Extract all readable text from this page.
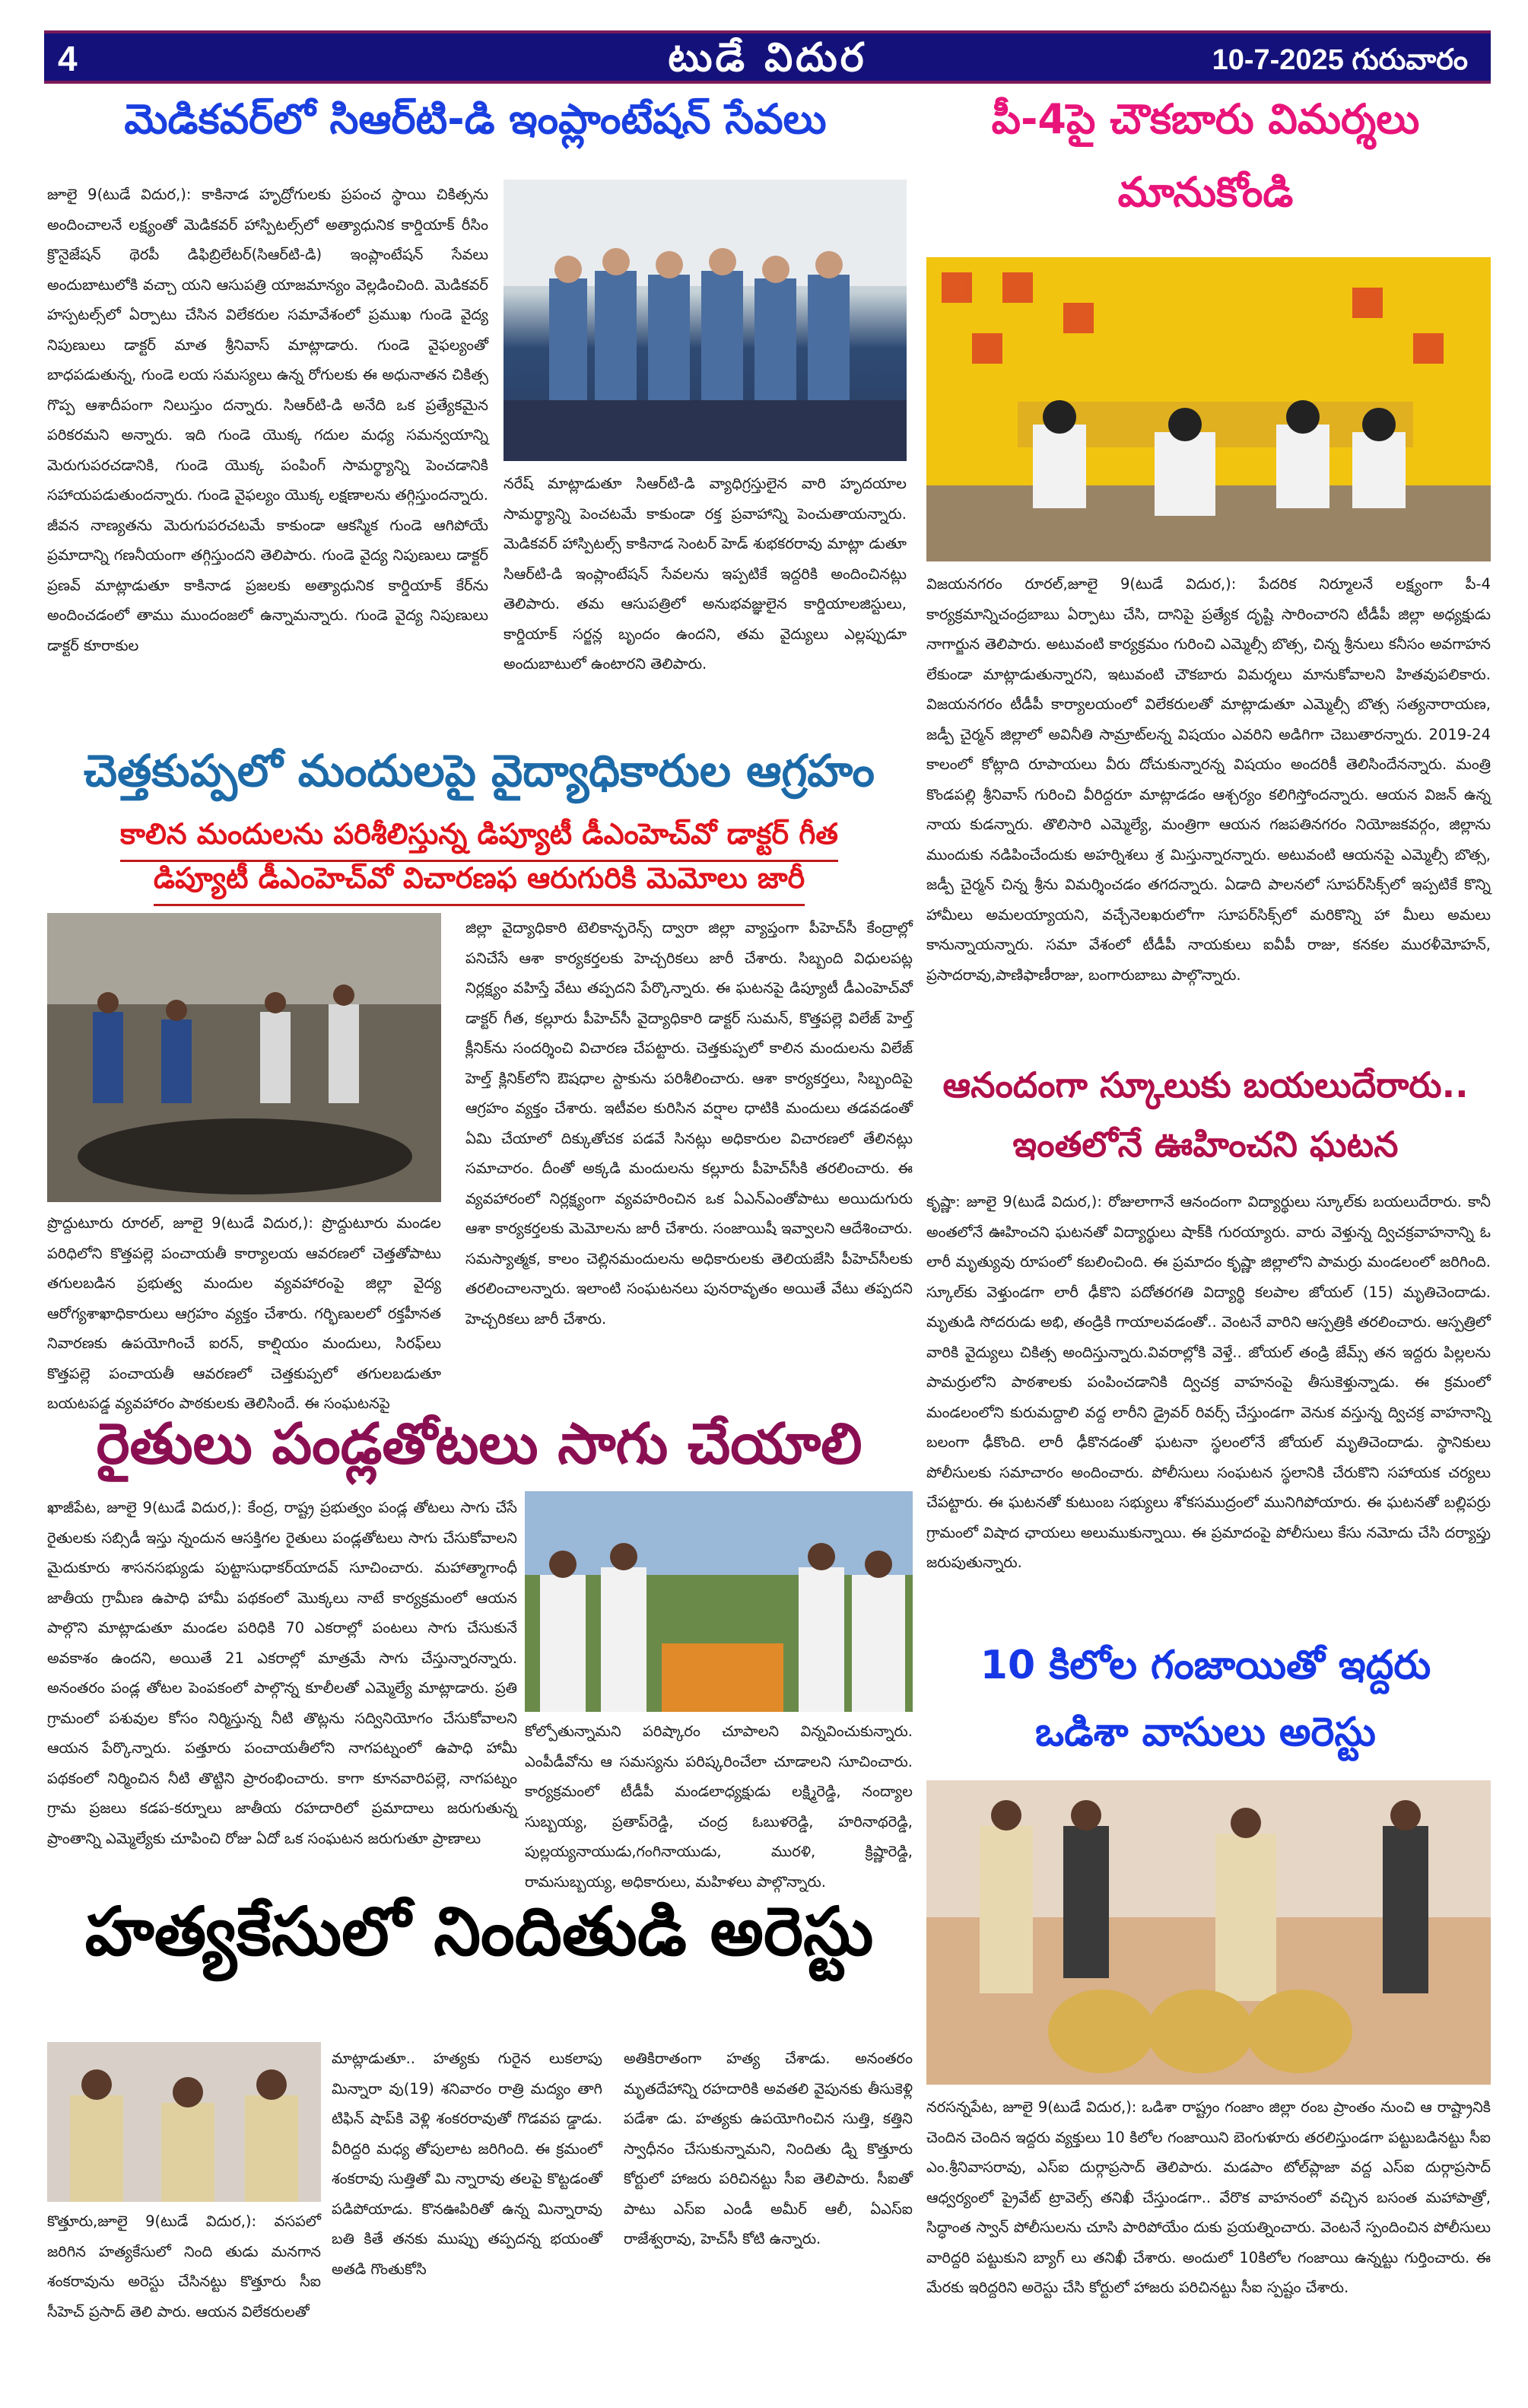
4	టుడే విదుర	10-7-2025 గురువారం
మెడికవర్‌లో సిఆర్‌టి-డి ఇంప్లాంటేషన్ సేవలు
జూలై 9(టుడే విదుర,): కాకినాడ హృద్రోగులకు ప్రపంచ స్థాయి చికిత్సను అందించాలనే లక్ష్యంతో మెడికవర్ హాస్పిటల్స్‌లో అత్యాధునిక కార్డియాక్ రీసిం క్రొనైజేషన్ థెరపీ డిఫిబ్రిలేటర్(సిఆర్‌టి-డి) ఇంప్లాంటేషన్ సేవలు అందుబాటులోకి వచ్చా యని ఆసుపత్రి యాజమాన్యం వెల్లడించింది. మెడికవర్ హస్పటల్స్‌లో ఏర్పాటు చేసిన విలేకరుల సమావేశంలో ప్రముఖ గుండె వైద్య నిపుణులు డాక్టర్ మాత శ్రీనివాస్ మాట్లాడారు. గుండె వైఫల్యంతో బాధపడుతున్న, గుండె లయ సమస్యలు ఉన్న రోగులకు ఈ అధునాతన చికిత్స గొప్ప ఆశాదీపంగా నిలుస్తుం దన్నారు. సిఆర్‌టి-డి అనేది ఒక ప్రత్యేకమైన పరికరమని అన్నారు. ఇది గుండె యొక్క గదుల మధ్య సమన్వయాన్ని మెరుగుపరచడానికి, గుండె యొక్క పంపింగ్ సామర్థ్యాన్ని పెంచడానికి సహాయపడుతుందన్నారు. గుండె వైఫల్యం యొక్క లక్షణాలను తగ్గిస్తుందన్నారు. జీవన నాణ్యతను మెరుగుపరచటమే కాకుండా ఆకస్మిక గుండె ఆగిపోయే ప్రమాదాన్ని గణనీయంగా తగ్గిస్తుందని తెలిపారు. గుండె వైద్య నిపుణులు డాక్టర్ ప్రణవ్ మాట్లాడుతూ కాకినాడ ప్రజలకు అత్యాధునిక కార్డియాక్ కేర్‌ను అందించడంలో తాము ముందంజలో ఉన్నామన్నారు. గుండె వైద్య నిపుణులు డాక్టర్ కూరాకుల
నరేష్ మాట్లాడుతూ సిఆర్‌టి-డి వ్యాధిగ్రస్తులైన వారి హృదయాల సామర్థ్యాన్ని పెంచటమే కాకుండా రక్త ప్రవాహాన్ని పెంచుతాయన్నారు. మెడికవర్ హాస్పిటల్స్ కాకినాడ సెంటర్ హెడ్ శుభకరరావు మాట్లా డుతూ సిఆర్‌టి-డి ఇంప్లాంటేషన్ సేవలను ఇప్పటికే ఇద్దరికి అందించినట్లు తెలిపారు. తమ ఆసుపత్రిలో అనుభవజ్ఞులైన కార్డియాలజిస్టులు, కార్డియాక్ సర్జన్ల బృందం ఉందని, తమ వైద్యులు ఎల్లప్పుడూ అందుబాటులో ఉంటారని తెలిపారు.
పీ-4పై చౌకబారు విమర్శలు
మానుకోండి
విజయనగరం రూరల్,జూలై 9(టుడే విదుర,): పేదరిక నిర్మూలనే లక్ష్యంగా పీ-4 కార్యక్రమాన్నిచంద్రబాబు ఏర్పాటు చేసి, దానిపై ప్రత్యేక దృష్టి సారించారని టీడీపీ జిల్లా అధ్యక్షుడు నాగార్జున తెలిపారు. అటువంటి కార్యక్రమం గురించి ఎమ్మెల్సీ బొత్స, చిన్న శ్రీనులు కనీసం అవగాహన లేకుండా మాట్లాడుతున్నారని, ఇటువంటి చౌకబారు విమర్శలు మానుకోవాలని హితవుపలికారు. విజయనగరం టీడీపీ కార్యాలయంలో విలేకరులతో మాట్లాడుతూ ఎమ్మెల్సీ బొత్స సత్యనారాయణ, జడ్పీ చైర్మన్ జిల్లాలో అవినీతి సామ్రాట్‌లన్న విషయం ఎవరిని అడిగిగా చెబుతారన్నారు. 2019-24 కాలంలో కోట్లాది రూపాయలు వీరు దోచుకున్నారన్న విషయం అందరికీ తెలిసిందేనన్నారు. మంత్రి కొండపల్లి శ్రీనివాస్ గురించి వీరిద్దరూ మాట్లాడడం ఆశ్చర్యం కలిగిస్తోందన్నారు. ఆయన విజన్ ఉన్న నాయ కుడన్నారు. తొలిసారి ఎమ్మెల్యే, మంత్రిగా ఆయన గజపతినగరం నియోజకవర్గం, జిల్లాను ముందుకు నడిపించేందుకు అహర్నిశలు శ్ర మిస్తున్నారన్నారు. అటువంటి ఆయనపై ఎమ్మెల్సీ బొత్స, జడ్పీ చైర్మన్ చిన్న శ్రీను విమర్శించడం తగదన్నారు. ఏడాది పాలనలో సూపర్‌సిక్స్‌లో ఇప్పటికే కొన్ని హామీలు అమలయ్యాయని, వచ్చేనెలఖరులోగా సూపర్‌సిక్స్‌లో మరికొన్ని హా మీలు అమలు కానున్నాయన్నారు. సమా వేశంలో టీడీపీ నాయకులు ఐవీపీ రాజు, కనకల మురళీమోహన్, ప్రసాదరావు,పాణిఫాణీరాజు, బంగారుబాబు పాల్గొన్నారు.
చెత్తకుప్పలో మందులపై వైద్యాధికారుల ఆగ్రహం
కాలిన మందులను పరిశీలిస్తున్న డిప్యూటీ డీఎంహెచ్‌వో డాక్టర్ గీత
డిప్యూటీ డీఎంహెచ్‌వో విచారణఫ ఆరుగురికి మెమోలు జారీ
ప్రొద్దుటూరు రూరల్, జూలై 9(టుడే విదుర,): ప్రొద్దుటూరు మండల పరిధిలోని కొత్తపల్లె పంచాయతీ కార్యాలయ ఆవరణలో చెత్తతోపాటు తగులబడిన ప్రభుత్వ మందుల వ్యవహారంపై జిల్లా వైద్య ఆరోగ్యశాఖాధికారులు ఆగ్రహం వ్యక్తం చేశారు. గర్భిణులలో రక్తహీనత నివారణకు ఉపయోగించే ఐరన్, కాల్షియం మందులు, సిరఫ్‌లు కొత్తపల్లె పంచాయతీ ఆవరణలో చెత్తకుప్పలో తగులబడుతూ బయటపడ్డ వ్యవహారం పాఠకులకు తెలిసిందే. ఈ సంఘటనపై
జిల్లా వైద్యాధికారి టెలికాన్ఫరెన్స్ ద్వారా జిల్లా వ్యాప్తంగా పీహెచ్‌సీ కేంద్రాల్లో పనిచేసే ఆశా కార్యకర్తలకు హెచ్చరికలు జారీ చేశారు. సిబ్బంది విధులపట్ల నిర్లక్ష్యం వహిస్తే వేటు తప్పదని పేర్కొన్నారు. ఈ ఘటనపై డిప్యూటీ డీఎంహెచ్‌వో డాక్టర్ గీత, కల్లూరు పీహెచ్‌సీ వైద్యాధికారి డాక్టర్ సుమన్, కొత్తపల్లె విలేజ్ హెల్త్ క్లీనిక్‌ను సందర్శించి విచారణ చేపట్టారు. చెత్తకుప్పలో కాలిన మందులను విలేజ్ హెల్త్ క్లినిక్‌లోని ఔషధాల స్టాకును పరిశీలించారు. ఆశా కార్యకర్తలు, సిబ్బందిపై ఆగ్రహం వ్యక్తం చేశారు. ఇటీవల కురిసిన వర్షాల ధాటికి మందులు తడవడంతో ఏమి చేయాలో దిక్కుతోచక పడవే సినట్లు అధికారుల విచారణలో తేలినట్లు సమాచారం. దీంతో అక్కడి మందులను కల్లూరు పీహెచ్‌సీకి తరలించారు. ఈ వ్యవహారంలో నిర్లక్ష్యంగా వ్యవహరించిన ఒక ఏఎన్‌ఎంతోపాటు అయిదుగురు ఆశా కార్యకర్తలకు మెమోలను జారీ చేశారు. సంజాయిషీ ఇవ్వాలని ఆదేశించారు. సమస్యాత్మక, కాలం చెల్లినమందులను అధికారులకు తెలియజేసి పీహెచ్‌సీలకు తరలించాలన్నారు. ఇలాంటి సంఘటనలు పునరావృతం అయితే వేటు తప్పదని హెచ్చరికలు జారీ చేశారు.
ఆనందంగా స్కూలుకు బయలుదేరారు..
ఇంతలోనే ఊహించని ఘటన
కృష్ణా: జూలై 9(టుడే విదుర,): రోజులాగానే ఆనందంగా విద్యార్థులు స్కూల్‌కు బయలుదేరారు. కానీ అంతలోనే ఊహించని ఘటనతో విద్యార్థులు షాక్‌కి గురయ్యారు. వారు వెళ్తున్న ద్విచక్రవాహనాన్ని ఓ లారీ మృత్యువు రూపంలో కబలించింది. ఈ ప్రమాదం కృష్ణా జిల్లాలోని పామర్రు మండలంలో జరిగింది. స్కూల్‌కు వెళ్తుండగా లారీ ఢీకొని పదోతరగతి విద్యార్థి కలపాల జోయల్ (15) మృతిచెందాడు. మృతుడి సోదరుడు అభి, తండ్రికి గాయాలవడంతో.. వెంటనే వారిని ఆస్పత్రికి తరలించారు. ఆస్పత్రిలో వారికి వైద్యులు చికిత్స అందిస్తున్నారు.వివరాల్లోకి వెళ్తే.. జోయల్ తండ్రి జేమ్స్ తన ఇద్దరు పిల్లలను పామర్రులోని పాఠశాలకు పంపించడానికి ద్విచక్ర వాహనంపై తీసుకెళ్తున్నాడు. ఈ క్రమంలో మండలంలోని కురుమద్దాలి వద్ద లారీని డ్రైవర్ రివర్స్ చేస్తుండగా వెనుక వస్తున్న ద్విచక్ర వాహనాన్ని బలంగా ఢీకొంది. లారీ ఢీకొనడంతో ఘటనా స్థలంలోనే జోయల్ మృతిచెందాడు. స్థానికులు పోలీసులకు సమాచారం అందించారు. పోలీసులు సంఘటన స్థలానికి చేరుకొని సహాయక చర్యలు చేపట్టారు. ఈ ఘటనతో కుటుంబ సభ్యులు శోకసముద్రంలో మునిగిపోయారు. ఈ ఘటనతో బల్లిపర్రు గ్రామంలో విషాద ఛాయలు అలుముకున్నాయి. ఈ ప్రమాదంపై పోలీసులు కేసు నమోదు చేసి దర్యాప్తు జరుపుతున్నారు.
రైతులు పండ్లతోటలు సాగు చేయాలి
ఖాజీపేట, జూలై 9(టుడే విదుర,): కేంద్ర, రాష్ట్ర ప్రభుత్వం పండ్ల తోటలు సాగు చేసే రైతులకు సబ్సిడీ ఇస్తు న్నందున ఆసక్తిగల రైతులు పండ్లతోటలు సాగు చేసుకోవాలని మైదుకూరు శాసనసభ్యుడు పుట్టాసుధాకర్‌యాదవ్ సూచించారు. మహాత్మాగాంధీ జాతీయ గ్రామీణ ఉపాధి హామీ పథకంలో మొక్కలు నాటే కార్యక్రమంలో ఆయన పాల్గొని మాట్లాడుతూ మండల పరిధికి 70 ఎకరాల్లో పంటలు సాగు చేసుకునే అవకాశం ఉందని, అయితే 21 ఎకరాల్లో మాత్రమే సాగు చేస్తున్నారన్నారు. అనంతరం పండ్ల తోటల పెంపకంలో పాల్గొన్న కూలీలతో ఎమ్మెల్యే మాట్లాడారు. ప్రతి గ్రామంలో పశువుల కోసం నిర్మిస్తున్న నీటి తొట్లను సద్వినియోగం చేసుకోవాలని ఆయన పేర్కొన్నారు. పత్తూరు పంచాయతీలోని నాగపట్నంలో ఉపాధి హామీ పథకంలో నిర్మించిన నీటి తొట్టిని ప్రారంభించారు. కాగా కూనవారిపల్లె, నాగపట్నం గ్రామ ప్రజలు కడప-కర్నూలు జాతీయ రహదారిలో ప్రమాదాలు జరుగుతున్న ప్రాంతాన్ని ఎమ్మెల్యేకు చూపించి రోజు ఏదో ఒక సంఘటన జరుగుతూ ప్రాణాలు
కోల్పోతున్నామని పరిష్కారం చూపాలని విన్నవించుకున్నారు. ఎంపీడీవోను ఆ సమస్యను పరిష్కరించేలా చూడాలని సూచించారు. కార్యక్రమంలో టీడీపీ మండలాధ్యక్షుడు లక్ష్మిరెడ్డి, నంద్యాల సుబ్బయ్య, ప్రతాప్‌రెడ్డి, చంద్ర ఓబుళరెడ్డి, హరినాథరెడ్డి, పుల్లయ్యనాయుడు,గంగినాయుడు, మురళి, క్రిష్ణారెడ్డి, రామసుబ్బయ్య, అధికారులు, మహిళలు పాల్గొన్నారు.
10 కిలోల గంజాయితో ఇద్దరు
ఒడిశా వాసులు అరెస్టు
నరసన్నపేట, జూలై 9(టుడే విదుర,): ఒడిశా రాష్ట్రం గంజాం జిల్లా రంబ ప్రాంతం నుంచి ఆ రాష్ట్రానికి చెందిన చెందిన ఇద్దరు వ్యక్తులు 10 కిలోల గంజాయిని బెంగుళూరు తరలిస్తుండగా పట్టుబడినట్టు సీఐ ఎం.శ్రీనివాసరావు, ఎస్ఐ దుర్గాప్రసాద్ తెలిపారు. మడపాం టోల్‌ప్లాజా వద్ద ఎస్ఐ దుర్గాప్రసాద్ ఆధ్వర్యంలో ప్రైవేట్ ట్రావెల్స్ తనిఖీ చేస్తుండగా.. వేరొక వాహనంలో వచ్చిన బసంత మహాపాత్రో, సిద్ధాంత స్వాన్ పోలీసులను చూసి పారిపోయేం దుకు ప్రయత్నించారు. వెంటనే స్పందించిన పోలీసులు వారిద్దరి పట్టుకుని బ్యాగ్ లు తనిఖీ చేశారు. అందులో 10కిలోల గంజాయి ఉన్నట్టు గుర్తించారు. ఈ మేరకు ఇరిద్దరిని అరెస్టు చేసి కోర్టులో హాజరు పరిచినట్టు సీఐ స్పష్టం చేశారు.
హత్యకేసులో నిందితుడి అరెస్టు
కొత్తూరు,జూలై 9(టుడే విదుర,): వసపలో జరిగిన హత్యకేసులో నింది తుడు మనగాన శంకరావును అరెస్టు చేసినట్టు కొత్తూరు సీఐ సీహెచ్ ప్రసాద్ తెలి పారు. ఆయన విలేకరులతో
మాట్లాడుతూ.. హత్యకు గురైన లుకలాపు మిన్నారా వు(19) శనివారం రాత్రి మద్యం తాగి టిఫిన్ షాప్‌కి వెళ్లి శంకరరావుతో గొడవప డ్డాడు. వీరిద్దరి మధ్య తోపులాట జరిగింది. ఈ క్రమంలో శంకరావు సుత్తితో మి న్నారావు తలపై కొట్టడంతో పడిపోయాడు. కొనఊపిరితో ఉన్న మిన్నారావు బతి కితే తనకు ముప్పు తప్పదన్న భయంతో అతడి గొంతుకోసి
అతికిరాతంగా హత్య చేశాడు. అనంతరం మృతదేహాన్ని రహదారికి అవతలి వైపునకు తీసుకెళ్లి పడేశా డు. హత్యకు ఉపయోగించిన సుత్తి, కత్తిని స్వాధీనం చేసుకున్నామని, నిందితు డ్ని కొత్తూరు కోర్టులో హాజరు పరిచినట్టు సీఐ తెలిపారు. సీఐతో పాటు ఎస్ఐ ఎండీ అమీర్ ఆలీ, ఏఎస్ఐ రాజేశ్వరావు, హెచ్‌సీ కోటి ఉన్నారు.
